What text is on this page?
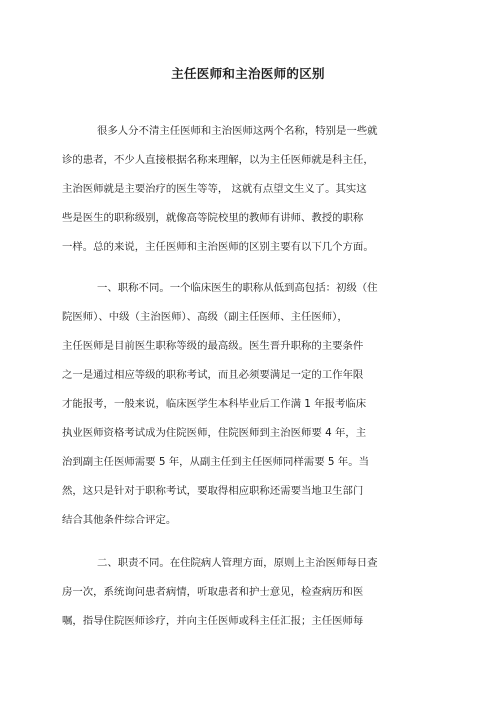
主任医师和主治医师的区别
很多人分不清主任医师和主治医师这两个名称，特别是一些就
诊的患者，不少人直接根据名称来理解，以为主任医师就是科主任，
主治医师就是主要治疗的医生等等， 这就有点望文生义了。其实这
些是医生的职称级别，就像高等院校里的教师有讲师、教授的职称
一样。总的来说，主任医师和主治医师的区别主要有以下几个方面。
一、职称不同。一个临床医生的职称从低到高包括：初级（住
院医师）、中级（主治医师）、高级（副主任医师、主任医师），
主任医师是目前医生职称等级的最高级。医生晋升职称的主要条件
之一是通过相应等级的职称考试，而且必须要满足一定的工作年限
才能报考，一般来说，临床医学生本科毕业后工作满 1 年报考临床
执业医师资格考试成为住院医师，住院医师到主治医师要 4 年，主
治到副主任医师需要 5 年，从副主任到主任医师同样需要 5 年。当
然，这只是针对于职称考试，要取得相应职称还需要当地卫生部门
结合其他条件综合评定。
二、职责不同。在住院病人管理方面，原则上主治医师每日查
房一次，系统询问患者病情，听取患者和护士意见，检查病历和医
嘱，指导住院医师诊疗，并向主任医师或科主任汇报；主任医师每
